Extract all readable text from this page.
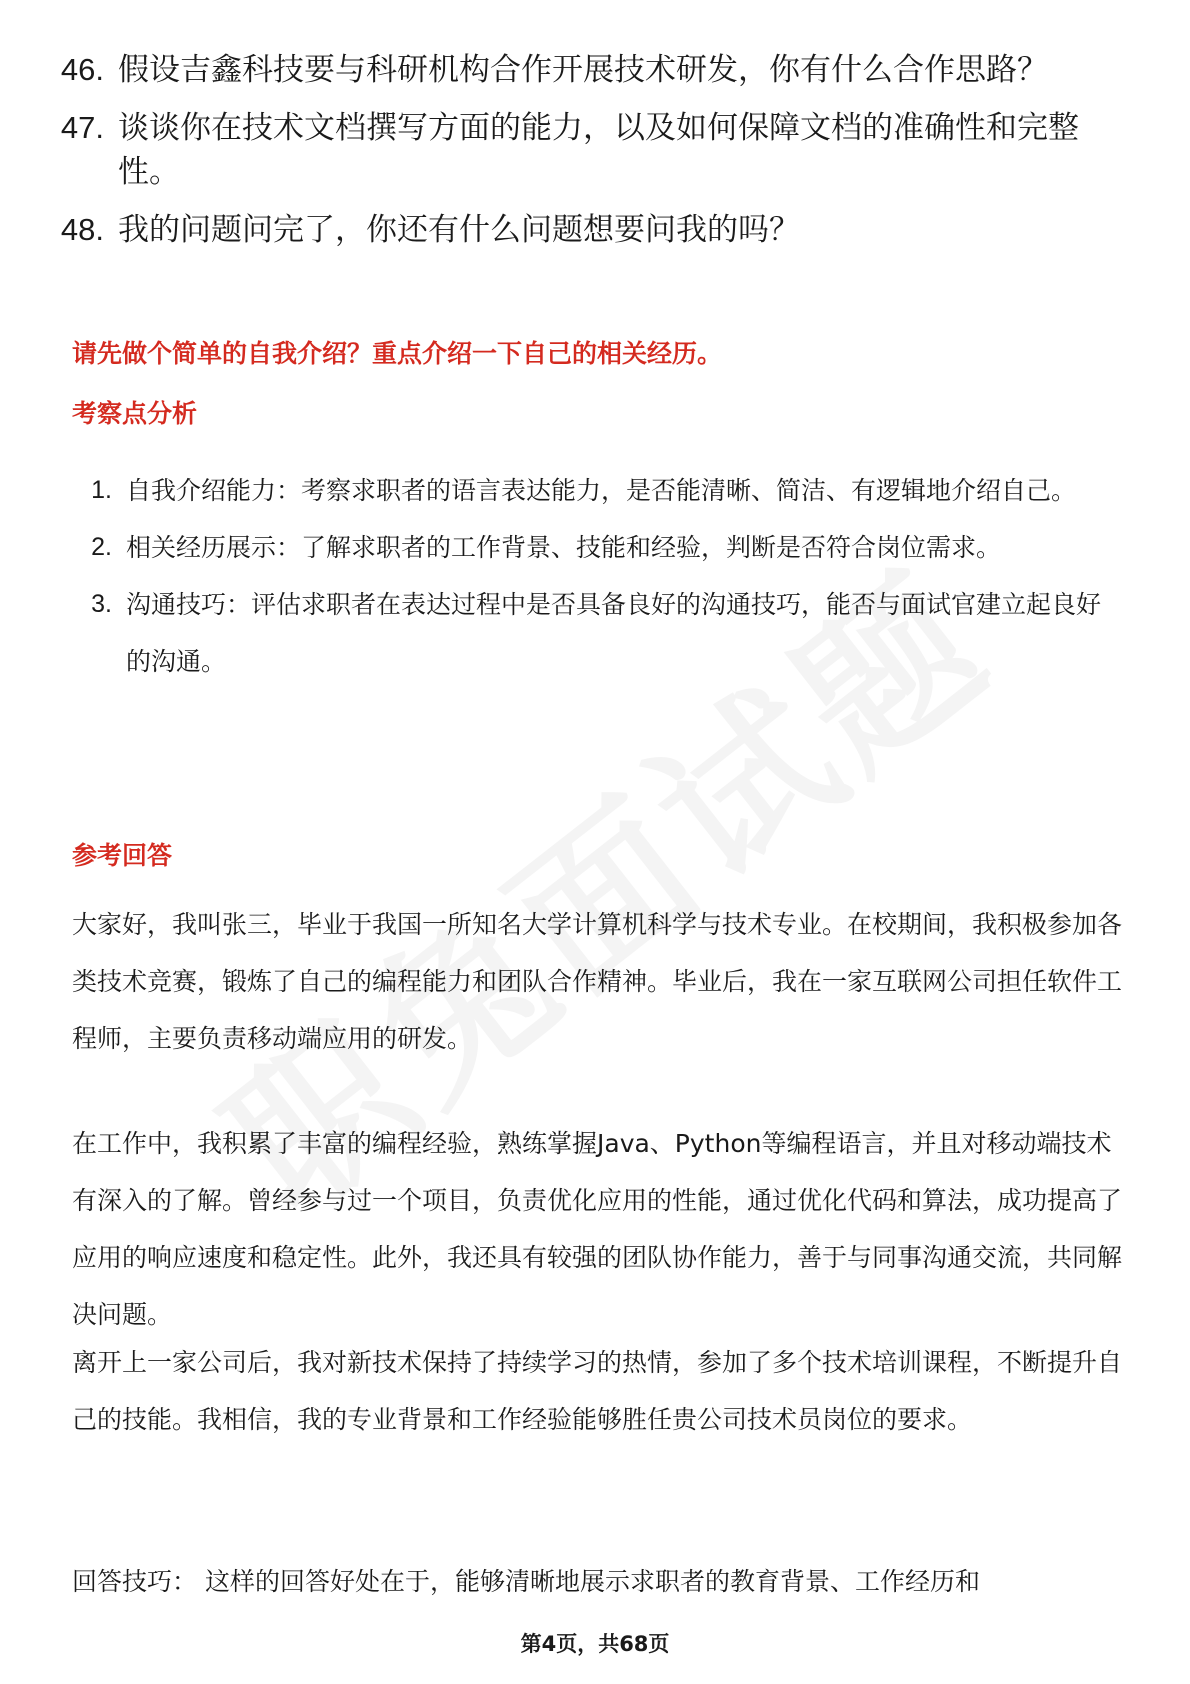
46. 假设吉鑫科技要与科研机构合作开展技术研发，你有什么合作思路？
47. 谈谈你在技术文档撰写方面的能力，以及如何保障文档的准确性和完整性。
48. 我的问题问完了，你还有什么问题想要问我的吗？
请先做个简单的自我介绍？重点介绍一下自己的相关经历。
考察点分析
1. 自我介绍能力：考察求职者的语言表达能力，是否能清晰、简洁、有逻辑地介绍自己。
2. 相关经历展示：了解求职者的工作背景、技能和经验，判断是否符合岗位需求。
3. 沟通技巧：评估求职者在表达过程中是否具备良好的沟通技巧，能否与面试官建立起良好的沟通。
参考回答

大家好，我叫张三，毕业于我国一所知名大学计算机科学与技术专业。在校期间，我积极参加各类技术竞赛，锻炼了自己的编程能力和团队合作精神。毕业后，我在一家互联网公司担任软件工程师，主要负责移动端应用的研发。

在工作中，我积累了丰富的编程经验，熟练掌握Java、Python等编程语言，并且对移动端技术有深入的了解。曾经参与过一个项目，负责优化应用的性能，通过优化代码和算法，成功提高了应用的响应速度和稳定性。此外，我还具有较强的团队协作能力，善于与同事沟通交流，共同解决问题。

离开上一家公司后，我对新技术保持了持续学习的热情，参加了多个技术培训课程，不断提升自己的技能。我相信，我的专业背景和工作经验能够胜任贵公司技术员岗位的要求。

回答技巧： 这样的回答好处在于，能够清晰地展示求职者的教育背景、工作经历和

第4页，共68页
